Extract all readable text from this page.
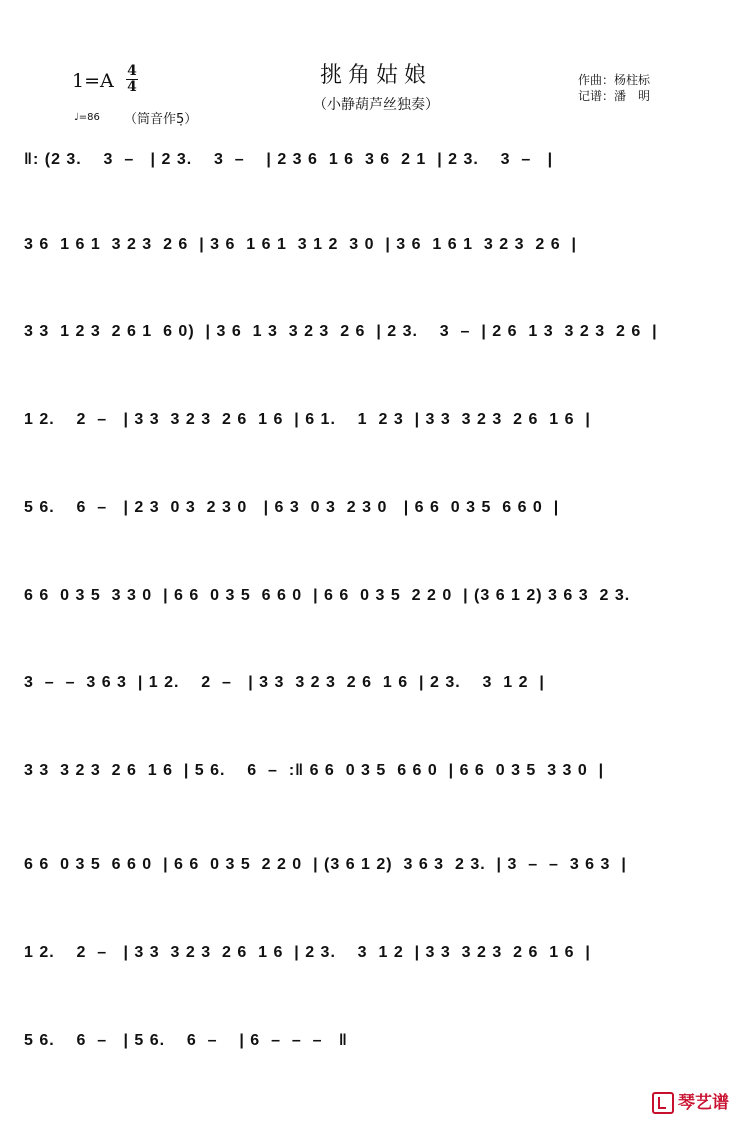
挑角姑娘
（小静葫芦丝独奏）
1=A 4
4
♩=86 （筒音作5̣）
作曲：杨柱标
记谱：潘　明
‖: (2 3.    3  –   | 2 3.    3  –    | 2 3 6  1 6  3 6  2 1  | 2 3.    3  –   |
3 6  1 6 1  3 2 3  2 6  | 3 6  1 6 1  3 1 2  3 0  | 3 6  1 6 1  3 2 3  2 6  |
3 3  1 2 3  2 6 1  6 0)  | 3 6  1 3  3 2 3  2 6  | 2 3.    3  –  | 2 6  1 3  3 2 3  2 6  |
1 2.    2  –   | 3 3  3 2 3  2 6  1 6  | 6 1.    1  2 3  | 3 3  3 2 3  2 6  1 6  |
5 6.    6  –   | 2 3  0 3  2 3 0   | 6 3  0 3  2 3 0   | 6 6  0 3 5  6 6 0  |
6 6  0 3 5  3 3 0  | 6 6  0 3 5  6 6 0  | 6 6  0 3 5  2 2 0  | (3 6 1 2) 3 6 3  2 3.
3  –  –  3 6 3  | 1 2.    2  –   | 3 3  3 2 3  2 6  1 6  | 2 3.    3  1 2  |
3 3  3 2 3  2 6  1 6  | 5 6.    6  –  :‖ 6 6  0 3 5  6 6 0  | 6 6  0 3 5  3 3 0  |
6 6  0 3 5  6 6 0  | 6 6  0 3 5  2 2 0  | (3 6 1 2)  3 6 3  2 3.  | 3  –  –  3 6 3  |
1 2.    2  –   | 3 3  3 2 3  2 6  1 6  | 2 3.    3  1 2  | 3 3  3 2 3  2 6  1 6  |
5 6.    6  –   | 5 6.    6  –    | 6  –  –  –   ‖
琴艺谱
